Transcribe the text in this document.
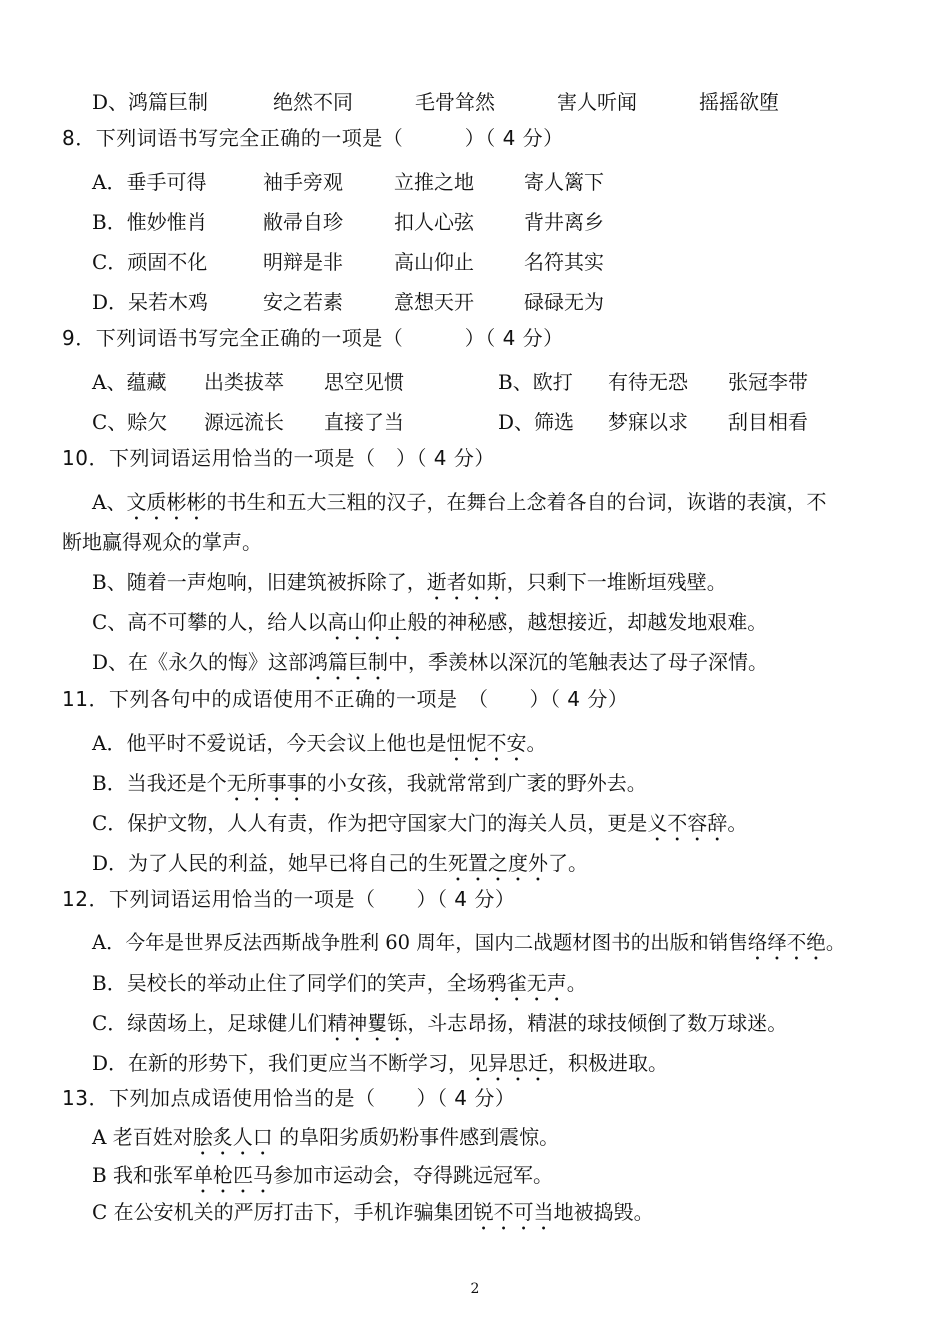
D、鸿篇巨制	绝然不同	毛骨耸然	害人听闻	摇摇欲堕
8．下列词语书写完全正确的一项是（　　　）（ 4 分）
A．垂手可得	袖手旁观	立推之地	寄人篱下
B．惟妙惟肖	敝帚自珍	扣人心弦	背井离乡
C．顽固不化	明辩是非	高山仰止	名符其实
D．呆若木鸡	安之若素	意想天开	碌碌无为
9．下列词语书写完全正确的一项是（　　　）（ 4 分）
A、蕴藏 出类拔萃 思空见惯	B、欧打 有待无恐 张冠李带
C、赊欠 源远流长 直接了当	D、筛选 梦寐以求 刮目相看
10．下列词语运用恰当的一项是（　）（ 4 分）
A、文质彬彬的书生和五大三粗的汉子，在舞台上念着各自的台词，诙谐的表演，不
断地赢得观众的掌声。
B、随着一声炮响，旧建筑被拆除了，逝者如斯，只剩下一堆断垣残壁。
C、高不可攀的人，给人以高山仰止般的神秘感，越想接近，却越发地艰难。
D、在《永久的悔》这部鸿篇巨制中，季羡林以深沉的笔触表达了母子深情。
11．下列各句中的成语使用不正确的一项是　（　　）（ 4 分）
A．他平时不爱说话，今天会议上他也是忸怩不安。
B．当我还是个无所事事的小女孩，我就常常到广袤的野外去。
C．保护文物，人人有责，作为把守国家大门的海关人员，更是义不容辞。
D．为了人民的利益，她早已将自己的生死置之度外了。
12．下列词语运用恰当的一项是（　　）（ 4 分）
A．今年是世界反法西斯战争胜利 60 周年，国内二战题材图书的出版和销售络绎不绝。
B．吴校长的举动止住了同学们的笑声，全场鸦雀无声。
C．绿茵场上，足球健儿们精神矍铄，斗志昂扬，精湛的球技倾倒了数万球迷。
D．在新的形势下，我们更应当不断学习，见异思迁，积极进取。
13．下列加点成语使用恰当的是（　　）（ 4 分）
A 老百姓对脍炙人口 的阜阳劣质奶粉事件感到震惊。
B 我和张军单枪匹马参加市运动会，夺得跳远冠军。
C 在公安机关的严厉打击下，手机诈骗集团锐不可当地被捣毁。
2
